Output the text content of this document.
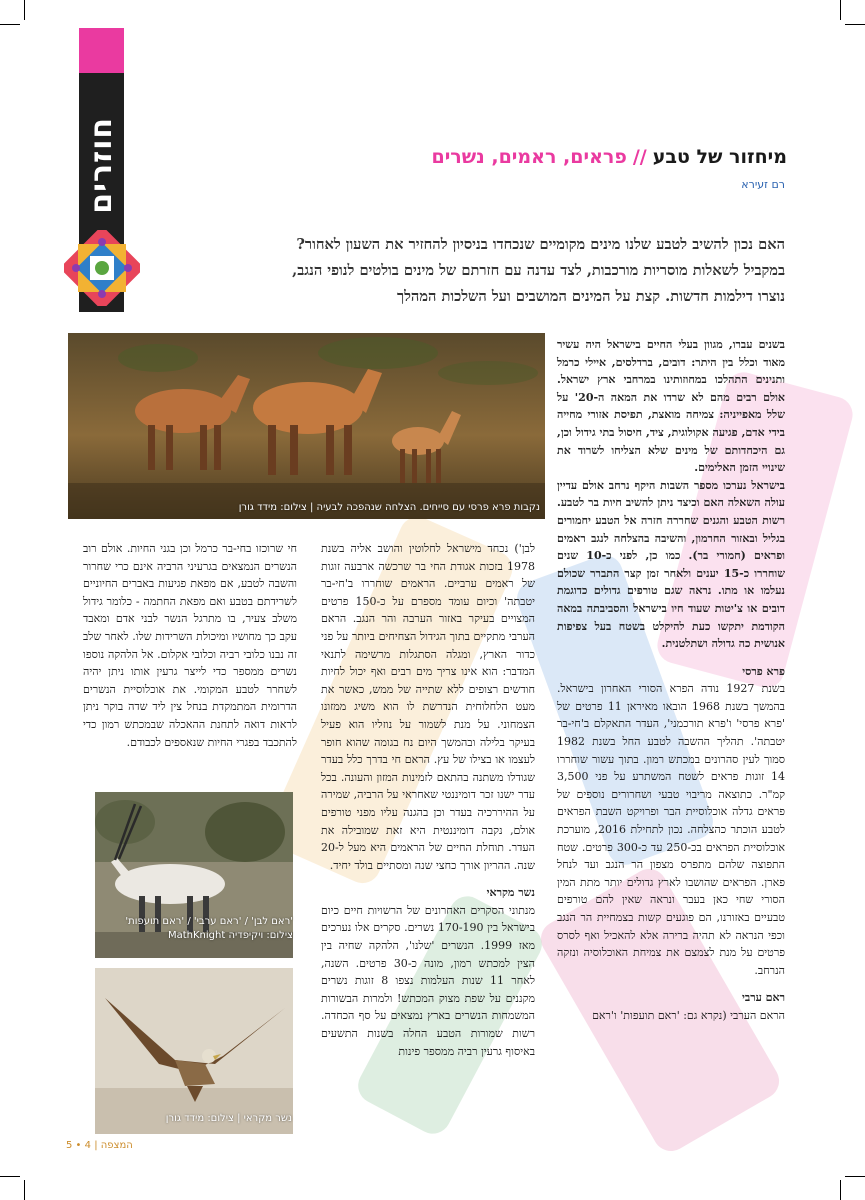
חוזרים	מיחזור של טבע//פראים, ראמים, נשרים
רם זעירא
האם נכון להשיב לטבע שלנו מינים מקומיים שנכחדו בניסיון להחזיר את השעון לאחור?
במקביל לשאלות מוסריות מורכבות, לצד עדנה עם חזרתם של מינים בולטים לנופי הנגב,
נוצרו דילמות חדשות. קצת על המינים המושבים ועל השלכות המהלך
נקבות פרא פרסי עם סייחים. הצלחה שנהפכה לבעיה | צילום: מידד גורן
'ראם לבן' / 'ראם ערבי' / 'ראם תועפות'
צילום: ויקיפדיה MathKnight
נשר מקראי | צילום: מידד גורן

בשנים עברו, מגוון בעלי החיים בישראל היה עשיר מאוד וכלל בין היתר: דובים, ברדלסים, איילי כרמל ותנינים התהלכו במחוזותינו במרחבי ארץ ישראל. אולם רבים מהם לא שרדו את המאה ה-20' על שלל מאפייניה: צמיחה מואצת, תפיסת אזורי מחייה בידי אדם, פגיעה אקולוגית, ציד, חיסול בתי גידול וכן, גם היכחדותם של מינים שלא הצליחו לשרוד את שינויי הזמן האלימים.

בישראל נערכו מספר השבות היקף נרחב אולם עדיין עולה השאלה האם וכיצד ניתן להשיב חיות בר לטבע. רשות הטבע והגנים שחררה חזרה אל הטבע יחמורים בגליל ובאזור החרמון, והשיבה בהצלחה לנגב ראמים ופראים (חמורי בר). כמו כן, לפני כ-10 שנים שוחררו כ-15 יענים ולאחר זמן קצר התברר שכולם נעלמו או מתו. נראה שגם טורפים גדולים כדוגמת דובים או צ'יטות שעוד חיו בישראל והסביבתה במאה הקודמת יתקשו כעת להיקלט בשטח בעל צפיפות אנושית כה גדולה ושתלטנית.

פרא פרסי

בשנת 1927 נודה הפרא הסורי האחרון בישראל. בהמשך בשנת 1968 הובאו מאיראן 11 פרטים של 'פרא פרסי' ו'פרא תורכמני', העדר התאקלם ב'חי-בר יטבתה'. תהליך ההשבה לטבע החל בשנת 1982 סמוך לעין סהרונים במכתש רמון. בתוך עשור שוחררו 14 זוגות פראים לשטח המשתרע על פני 3,500 קמ"ר. כתוצאה מריבוי טבעי ושחרורים נוספים של פראים גדלה אוכלוסיית הבר ופרויקט השבת הפראים לטבע הוכתר כהצלחה. נכון לתחילת 2016, מוערכת אוכלוסיית הפראים בכ-250 עד כ-300 פרטים. שטח התפוצה שלהם מתפרס מצפון הר הנגב ועד לנחל פארן. הפראים שהושבו לארץ גדולים יותר מתת המין הסורי שחי כאן בעבר ונראה שאין להם טורפים טבעיים באזורנו, הם פוגעים קשות בצמחיית הר הנגב וכפי הנראה לא תהיה ברירה אלא להאכיל ואף לסרס פרטים על מנת לצמצם את צמיחת האוכלוסיה ונזקה הנרחב.

ראם ערבי

הראם הערבי (נקרא גם: 'ראם תועפות' ו'ראם

לבן') נכחד מישראל לחלוטין והושב אליה בשנת 1978 בזכות אגודת החי בר שרכשה ארבעה זוגות של ראמים ערביים. הראמים שוחררו ב'חי-בר יטבתה' וכיום עומד מספרם על כ-150 פרטים המצויים בעיקר באזור הערבה והר הנגב. הראם הערבי מתקיים בתוך הגידול הצחיחים ביותר על פני כדור הארץ, ומגלה הסתגלות מרשימה לתנאי המדבר: הוא אינו צריך מים רבים ואף יכול לחיות חודשים רצופים ללא שתייה של ממש, כאשר את מעט הלחלוחית הנדרשת לו הוא משיג ממזונו הצמחוני. על מנת לשמור על נוזליו הוא פעיל בעיקר בלילה ובהמשך היום נח בגומה שהוא חופר לעצמו או בצילו של עץ. הראם חי בדרך כלל בעדר שגודלו משתנה בהתאם לזמינות המזון והעונה. בכל עדר ישנו זכר דומיננטי שאחראי על הרביה, שמירה על ההיררכיה בעדר וכן בהגנה עליו מפני טורפים אולם, נקבה דומיננטית היא זאת שמובילה את העדר. תוחלת החיים של הראמים היא מעל ל-20 שנה. ההריון אורך כחצי שנה ומסתיים בולד יחיד.

נשר מקראי

מנתוני הסקרים האחרונים של הרשויות חיים כיום בישראל בין 170-190 נשרים. סקרים אלו נערכים מאז 1999. הנשרים 'שלנו', הלהקה שחיה בין הצין למכתש רמון, מונה כ-30 פרטים. השנה, לאחר 11 שנות העלמות נצפו 8 זוגות נשרים מקננים על שפת מצוק המכתש! ולמרות הבשורות המשמחות הנשרים בארץ נמצאים על סף הכחדה. רשות שמורות הטבע החלה בשנות התשעים באיסוף גרעין רביה ממספר פינות

חי שרוכזו בחי-בר כרמל וכן בגני החיות. אולם רוב הנשרים הנמצאים בגרעיני הרביה אינם כרי שחרור והשבה לטבע, אם מפאת פגיעות באברים החיוניים לשרידתם בטבע ואם מפאת החתמה - כלומר גידול משלב צעיר, בו מתרגל הנשר לבני אדם ומאבד עקב כך מחושיו ומיכולת השרידות שלו. לאחר שלב זה נבנו כלובי רביה וכלובי אקלום. אל הלהקה נוספו נשרים ממספר כדי לייצר גרעין אותו ניתן יהיה לשחרר לטבע המקומי. את אוכלוסיית הנשרים הדרומית המתמקדת בנחל צין ליד שדה בוקר ניתן לראות דואה לתחנת ההאכלה שבמכתש רמון כדי להתכבד בפגרי החיות שנאספים לכבודם.

המצפה | 4 • 5
